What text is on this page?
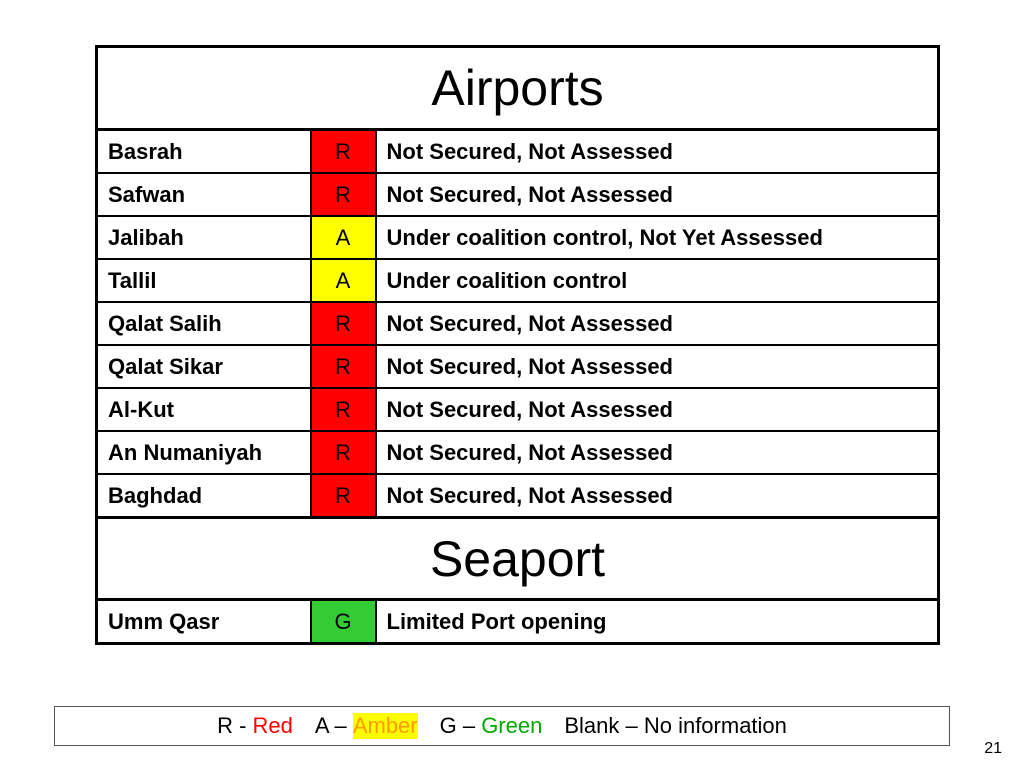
Airports		
Basrah	R	Not Secured, Not Assessed
Safwan	R	Not Secured, Not Assessed
Jalibah	A	Under coalition control, Not Yet Assessed
Tallil	A	Under coalition control
Qalat Salih	R	Not Secured, Not Assessed
Qalat Sikar	R	Not Secured, Not Assessed
Al-Kut	R	Not Secured, Not Assessed
An Numaniyah	R	Not Secured, Not Assessed
Baghdad	R	Not Secured, Not Assessed
Seaport		
Umm Qasr	G	Limited Port opening
R - Red A – Amber G – Green Blank – No information
21
